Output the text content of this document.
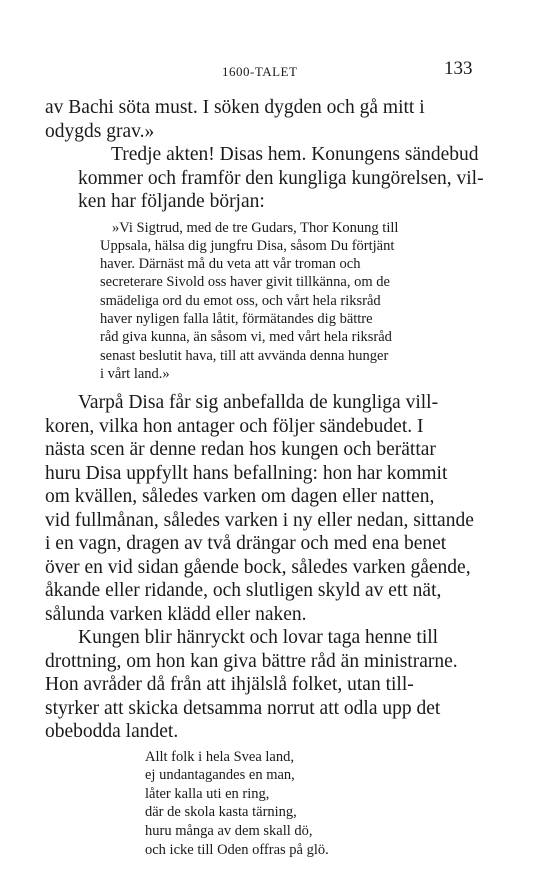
1600-TALET	133

av Bachi söta must. I söken dygden och gå mitt i
odygds grav.»

Tredje akten! Disas hem. Konungens sändebud
kommer och framför den kungliga kungörelsen, vil-
ken har följande början:

»Vi Sigtrud, med de tre Gudars, Thor Konung till
Uppsala, hälsa dig jungfru Disa, såsom Du förtjänt
haver. Därnäst må du veta att vår troman och
secreterare Sivold oss haver givit tillkänna, om de
smädeliga ord du emot oss, och vårt hela riksråd
haver nyligen falla låtit, förmätandes dig bättre
råd giva kunna, än såsom vi, med vårt hela riksråd
senast beslutit hava, till att avvända denna hunger
i vårt land.»

Varpå Disa får sig anbefallda de kungliga vill-
koren, vilka hon antager och följer sändebudet. I
nästa scen är denne redan hos kungen och berättar
huru Disa uppfyllt hans befallning: hon har kommit
om kvällen, således varken om dagen eller natten,
vid fullmånan, således varken i ny eller nedan, sittande
i en vagn, dragen av två drängar och med ena benet
över en vid sidan gående bock, således varken gående,
åkande eller ridande, och slutligen skyld av ett nät,
sålunda varken klädd eller naken.

Kungen blir hänryckt och lovar taga henne till
drottning, om hon kan giva bättre råd än ministrarne.
Hon avråder då från att ihjälslå folket, utan till-
styrker att skicka detsamma norrut att odla upp det
obebodda landet.

Allt folk i hela Svea land,
ej undantagandes en man,
låter kalla uti en ring,
där de skola kasta tärning,
huru många av dem skall dö,
och icke till Oden offras på glö.
